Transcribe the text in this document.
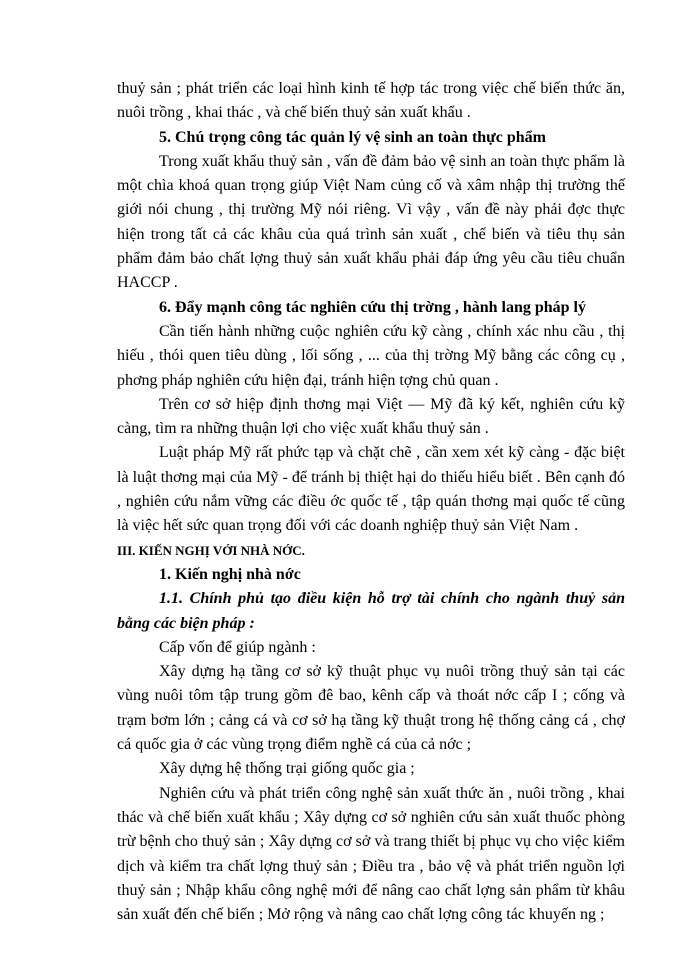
thuỷ sản ; phát triển các loại hình kinh tế hợp tác trong việc chế biến thức ăn, nuôi trồng , khai thác , và chế biến thuỷ sản xuất khẩu .

5. Chú trọng công tác quản lý vệ sinh an toàn thực phẩm

Trong xuất khẩu thuỷ sản , vấn đề đảm bảo vệ sinh an toàn thực phẩm là một chìa khoá quan trọng giúp Việt Nam củng cố và xâm nhập thị trường thế giới nói chung , thị trường Mỹ nói riêng. Vì vậy , vấn đề này phải đợc thực hiện trong tất cả các khâu của quá trình sản xuất , chế biến và tiêu thụ sản phẩm đảm bảo chất lợng thuỷ sản xuất khẩu phải đáp ứng yêu cầu tiêu chuẩn HACCP .

6. Đẩy mạnh công tác nghiên cứu thị trờng , hành lang pháp lý

Cần tiến hành những cuộc nghiên cứu kỹ càng , chính xác nhu cầu , thị hiếu , thói quen tiêu dùng , lối sống , ... của thị trờng Mỹ bằng các công cụ , phơng pháp nghiên cứu hiện đại, tránh hiện tợng chủ quan .

Trên cơ sở hiệp định thơng mại Việt — Mỹ đã ký kết, nghiên cứu kỹ càng, tìm ra những thuận lợi cho việc xuất khẩu thuỷ sản .

Luật pháp Mỹ rất phức tạp và chặt chẽ , cần xem xét kỹ càng - đặc biệt là luật thơng mại của Mỹ - để tránh bị thiệt hại do thiếu hiểu biết . Bên cạnh đó , nghiên cứu nắm vững các điều ớc quốc tế , tập quán thơng mại quốc tế cũng là việc hết sức quan trọng đối với các doanh nghiệp thuỷ sản Việt Nam .

III. KIẾN NGHỊ VỚI NHÀ NỚC.

1. Kiến nghị nhà nớc

1.1. Chính phủ tạo điều kiện hỗ trợ tài chính cho ngành thuỷ sản bằng các biện pháp :

Cấp vốn để giúp ngành :

Xây dựng hạ tầng cơ sở kỹ thuật phục vụ nuôi trồng thuỷ sản tại các vùng nuôi tôm tập trung gồm đê bao, kênh cấp và thoát nớc cấp I ; cống và trạm bơm lớn ; cảng cá và cơ sở hạ tầng kỹ thuật trong hệ thống cảng cá , chợ cá quốc gia ở các vùng trọng điểm nghề cá của cả nớc ;

Xây dựng hệ thống trại giống quốc gia ;

Nghiên cứu và phát triển công nghệ sản xuất thức ăn , nuôi trồng , khai thác và chế biến xuất khẩu ; Xây dựng cơ sở nghiên cứu sản xuất thuốc phòng trừ bệnh cho thuỷ sản ; Xây dựng cơ sở và trang thiết bị phục vụ cho việc kiểm dịch và kiểm tra chất lợng thuỷ sản ; Điều tra , bảo vệ và phát triển nguồn lợi thuỷ sản ; Nhập khẩu công nghệ mới để nâng cao chất lợng sản phẩm từ khâu sản xuất đến chế biến ; Mở rộng và nâng cao chất lợng công tác khuyến ng ;
